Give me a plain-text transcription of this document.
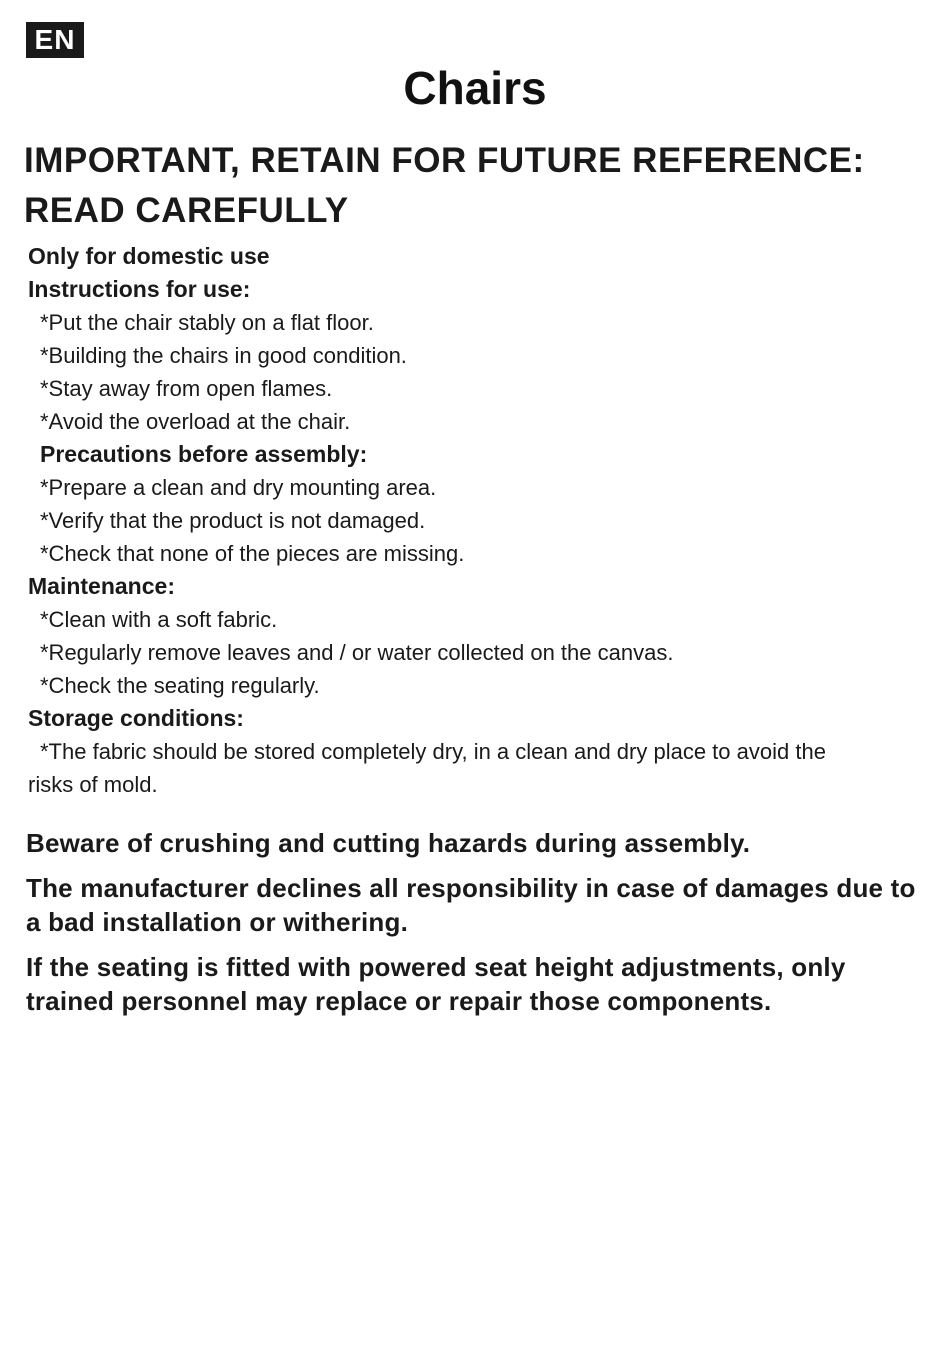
EN
Chairs
IMPORTANT, RETAIN FOR FUTURE REFERENCE:
READ CAREFULLY
Only for domestic use
Instructions for use:
*Put the chair stably on a flat floor.
*Building the chairs in good condition.
*Stay away from open flames.
*Avoid the overload at the chair.
Precautions before assembly:
*Prepare a clean and dry mounting area.
*Verify that the product is not damaged.
*Check that none of the pieces are missing.
Maintenance:
*Clean with a soft fabric.
*Regularly remove leaves and / or water collected on the canvas.
*Check the seating regularly.
Storage conditions:
*The fabric should be stored completely dry, in a clean and dry place to avoid the
risks of mold.

Beware of crushing and cutting hazards during assembly.

The manufacturer declines all responsibility in case of damages due to a bad installation or withering.

If the seating is fitted with powered seat height adjustments, only trained personnel may replace or repair those components.
